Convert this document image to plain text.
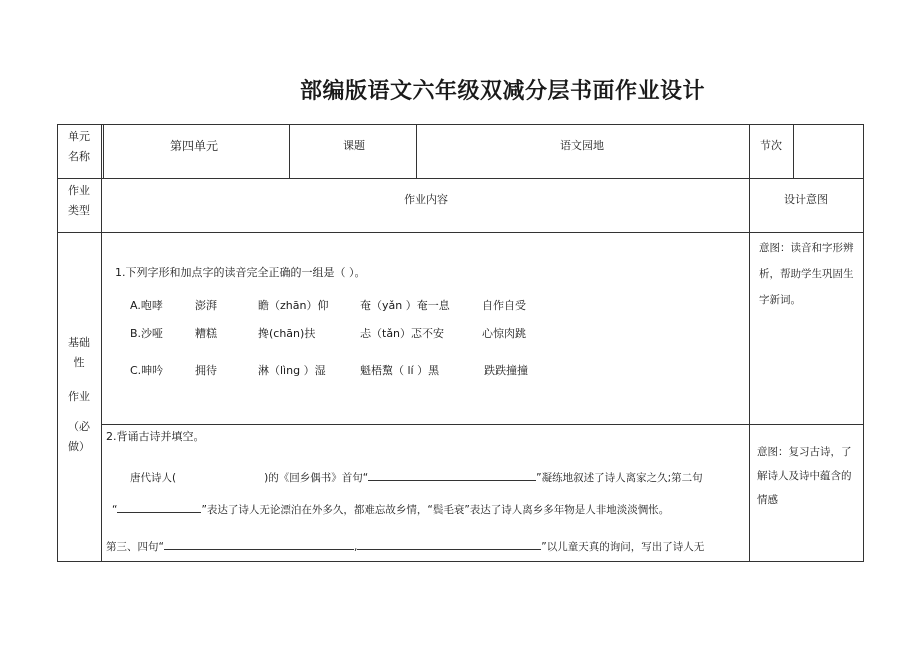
部编版语文六年级双减分层书面作业设计
单元
名称
第四单元	课题	语文园地	节次
作业
类型
作业内容	设计意图
基础
性
作业
（必
做）
1.下列字形和加点字的读音完全正确的一组是（ ）。
A.咆哮	澎湃	瞻（zhān）仰	奄（yǎn ）奄一息	自作自受
B.沙哑	糟糕	搀(chān)扶	忐（tǎn）忑不安	心惊肉跳
C.呻吟	拥待	淋（lìng ）湿	魁梧黧（ lí ）黑	跌跌撞撞
意图：读音和字形辨析，帮助学生巩固生字新词。
2.背诵古诗并填空。
唐代诗人(	)的《回乡偶书》首句“	”凝练地叙述了诗人离家之久;第二句
“	”表达了诗人无论漂泊在外多久，都难忘故乡情，“鬓毛衰”表达了诗人离乡多年物是人非地淡淡惆怅。
第三、四句“	,	”以儿童天真的询问，写出了诗人无
意图：复习古诗，了解诗人及诗中蕴含的情感
